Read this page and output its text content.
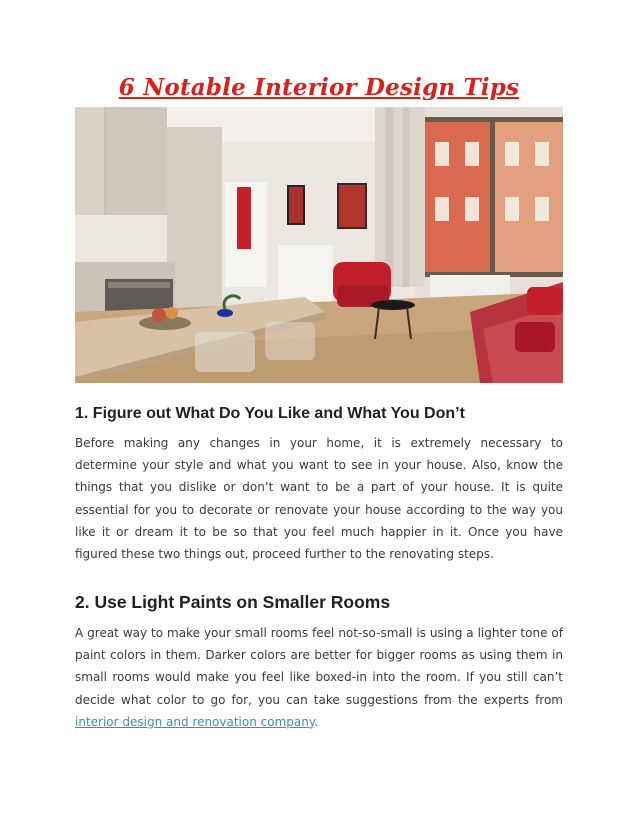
6 Notable Interior Design Tips
1. Figure out What Do You Like and What You Don’t
Before making any changes in your home, it is extremely necessary to determine your style and what you want to see in your house. Also, know the things that you dislike or don’t want to be a part of your house. It is quite essential for you to decorate or renovate your house according to the way you like it or dream it to be so that you feel much happier in it. Once you have figured these two things out, proceed further to the renovating steps.
2. Use Light Paints on Smaller Rooms
A great way to make your small rooms feel not-so-small is using a lighter tone of paint colors in them. Darker colors are better for bigger rooms as using them in small rooms would make you feel like boxed-in into the room. If you still can’t decide what color to go for, you can take suggestions from the experts from interior design and renovation company.
